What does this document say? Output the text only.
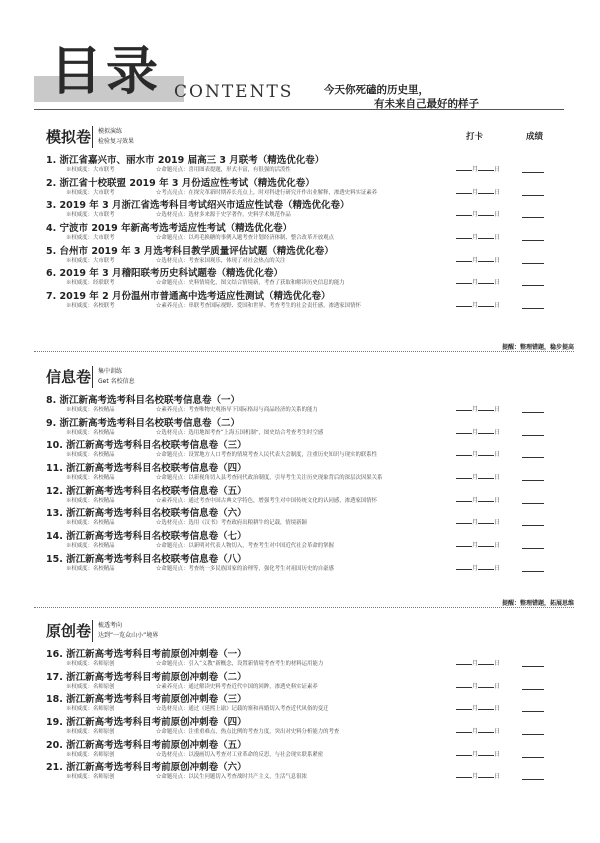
目录 CONTENTS	今天你死磕的历史里，
有未来自己最好的样子
模拟卷 模拟演练
检验复习效果	打卡	成绩
1. 浙江省嘉兴市、丽水市 2019 届高三 3 月联考（精选优化卷）
※权威度：大市联考	☆命题亮点：喜用图表提题，形式丰富，有很强的活泼性	月	日
2. 浙江省十校联盟 2019 年 3 月份适应性考试（精选优化卷）
※权威度：大市联考	☆考点亮点：在探究革新时期养长亮点上，时对科进行研究开作出业解释，渗透史料实证素养	月	日
3. 2019 年 3 月浙江省选考科目考试绍兴市适应性试卷（精选优化卷）
※权威度：大市联考	☆选材亮点：选材多来源于史学著作，史料学术规范作品	月	日
4. 宁波市 2019 年新高考选考适应性考试（精选优化卷）
※权威度：大市联考	☆命题亮点：以鸡毛换糖的事例入题考查计划经济体制、整合改革开放观点	月	日
5. 台州市 2019 年 3 月选考科目教学质量评估试题（精选优化卷）
※权威度：大市联考	☆选材亮点：考查家国观乐，体现了对社会热点的关注	月	日
6. 2019 年 3 月稽阳联考历史科试题卷（精选优化卷）
※权威度：经联联考	☆命题亮点：史料情境化，图文结合情境新，考查了获取和解读历史信息的能力	月	日
7. 2019 年 2 月份温州市普通高中选考适应性测试（精选优化卷）
※权威度：名校联考	☆素养亮点：串联考查国际视野、爱国和世界、考查考生的社会责任感，渗透家国情怀	月	日
提醒：整理错题，稳步提高
信息卷 集中训练
Get 名校信息
8. 浙江新高考选考科目名校联考信息卷（一）
※权威度：名校精品	☆素养亮点：考查唯物史观指导下国际格局与商品经济的关系的能力	月	日
9. 浙江新高考选考科目名校联考信息卷（二）
※权威度：名校精品	☆选材亮点：选用地图考查“上海五国机制”，图史结合考查考生时空感	月	日
10. 浙江新高考选考科目名校联考信息卷（三）
※权威度：名校精品	☆命题亮点：设置地方人口考查的情境考查人民代表大会制度，注重历史知识与现实的联系性	月	日
11. 浙江新高考选考科目名校联考信息卷（四）
※权威度：名校精品	☆命题亮点：以新视角切入县考查同代政治制度，引导考生关注历史现象背后的深层次因果关系	月	日
12. 浙江新高考选考科目名校联考信息卷（五）
※权威度：名校精品	☆素养亮点：通过考查中国古典文学特色，增强考生对中国传统文化的认同感，渗透家国情怀	月	日
13. 浙江新高考选考科目名校联考信息卷（六）
※权威度：名校精品	☆选材亮点：选用《汉书》考查政府出粮耕牛的记载，情境新颖	月	日
14. 浙江新高考选考科目名校联考信息卷（七）
※权威度：名校精品	☆命题亮点：以新明对代表人物切入，考查考生对中国近代社会革命的掌握	月	日
15. 浙江新高考选考科目名校联考信息卷（八）
※权威度：名校精品	☆命题亮点：考查统一多民族国家的治理等，强化考生对祖国历史的自豪感	月	日
提醒：整理错题，拓展思维
原创卷 梳透考向
达到“一览众山小”境界
16. 浙江新高考选考科目考前原创冲刺卷（一）
※权威度：名师原创	☆命题亮点：引入“义教”新概念，设置新情境考查考生的材料运用能力	月	日
17. 浙江新高考选考科目考前原创冲刺卷（二）
※权威度：名师原创	☆素养亮点：通过解读史料考查近代中国的回眸，渗透史料实证素养	月	日
18. 浙江新高考选考科目考前原创冲刺卷（三）
※权威度：名师原创	☆选材亮点：通过《延熙上谕》记载的寨和再婚切入考查近代风俗的变迁	月	日
19. 浙江新高考选考科目考前原创冲刺卷（四）
※权威度：名师原创	☆命题亮点：注重重难点，热点比例的考查力度，突出对史料分析能力的考查	月	日
20. 浙江新高考选考科目考前原创冲刺卷（五）
※权威度：名师原创	☆选材亮点：以漫画切入考查对工业革命的反思，与社会现实联系紧密	月	日
21. 浙江新高考选考科目考前原创冲刺卷（六）
※权威度：名师原创	☆命题亮点：以民生问题切入考查战时共产主义，生活气息很浓	月	日
